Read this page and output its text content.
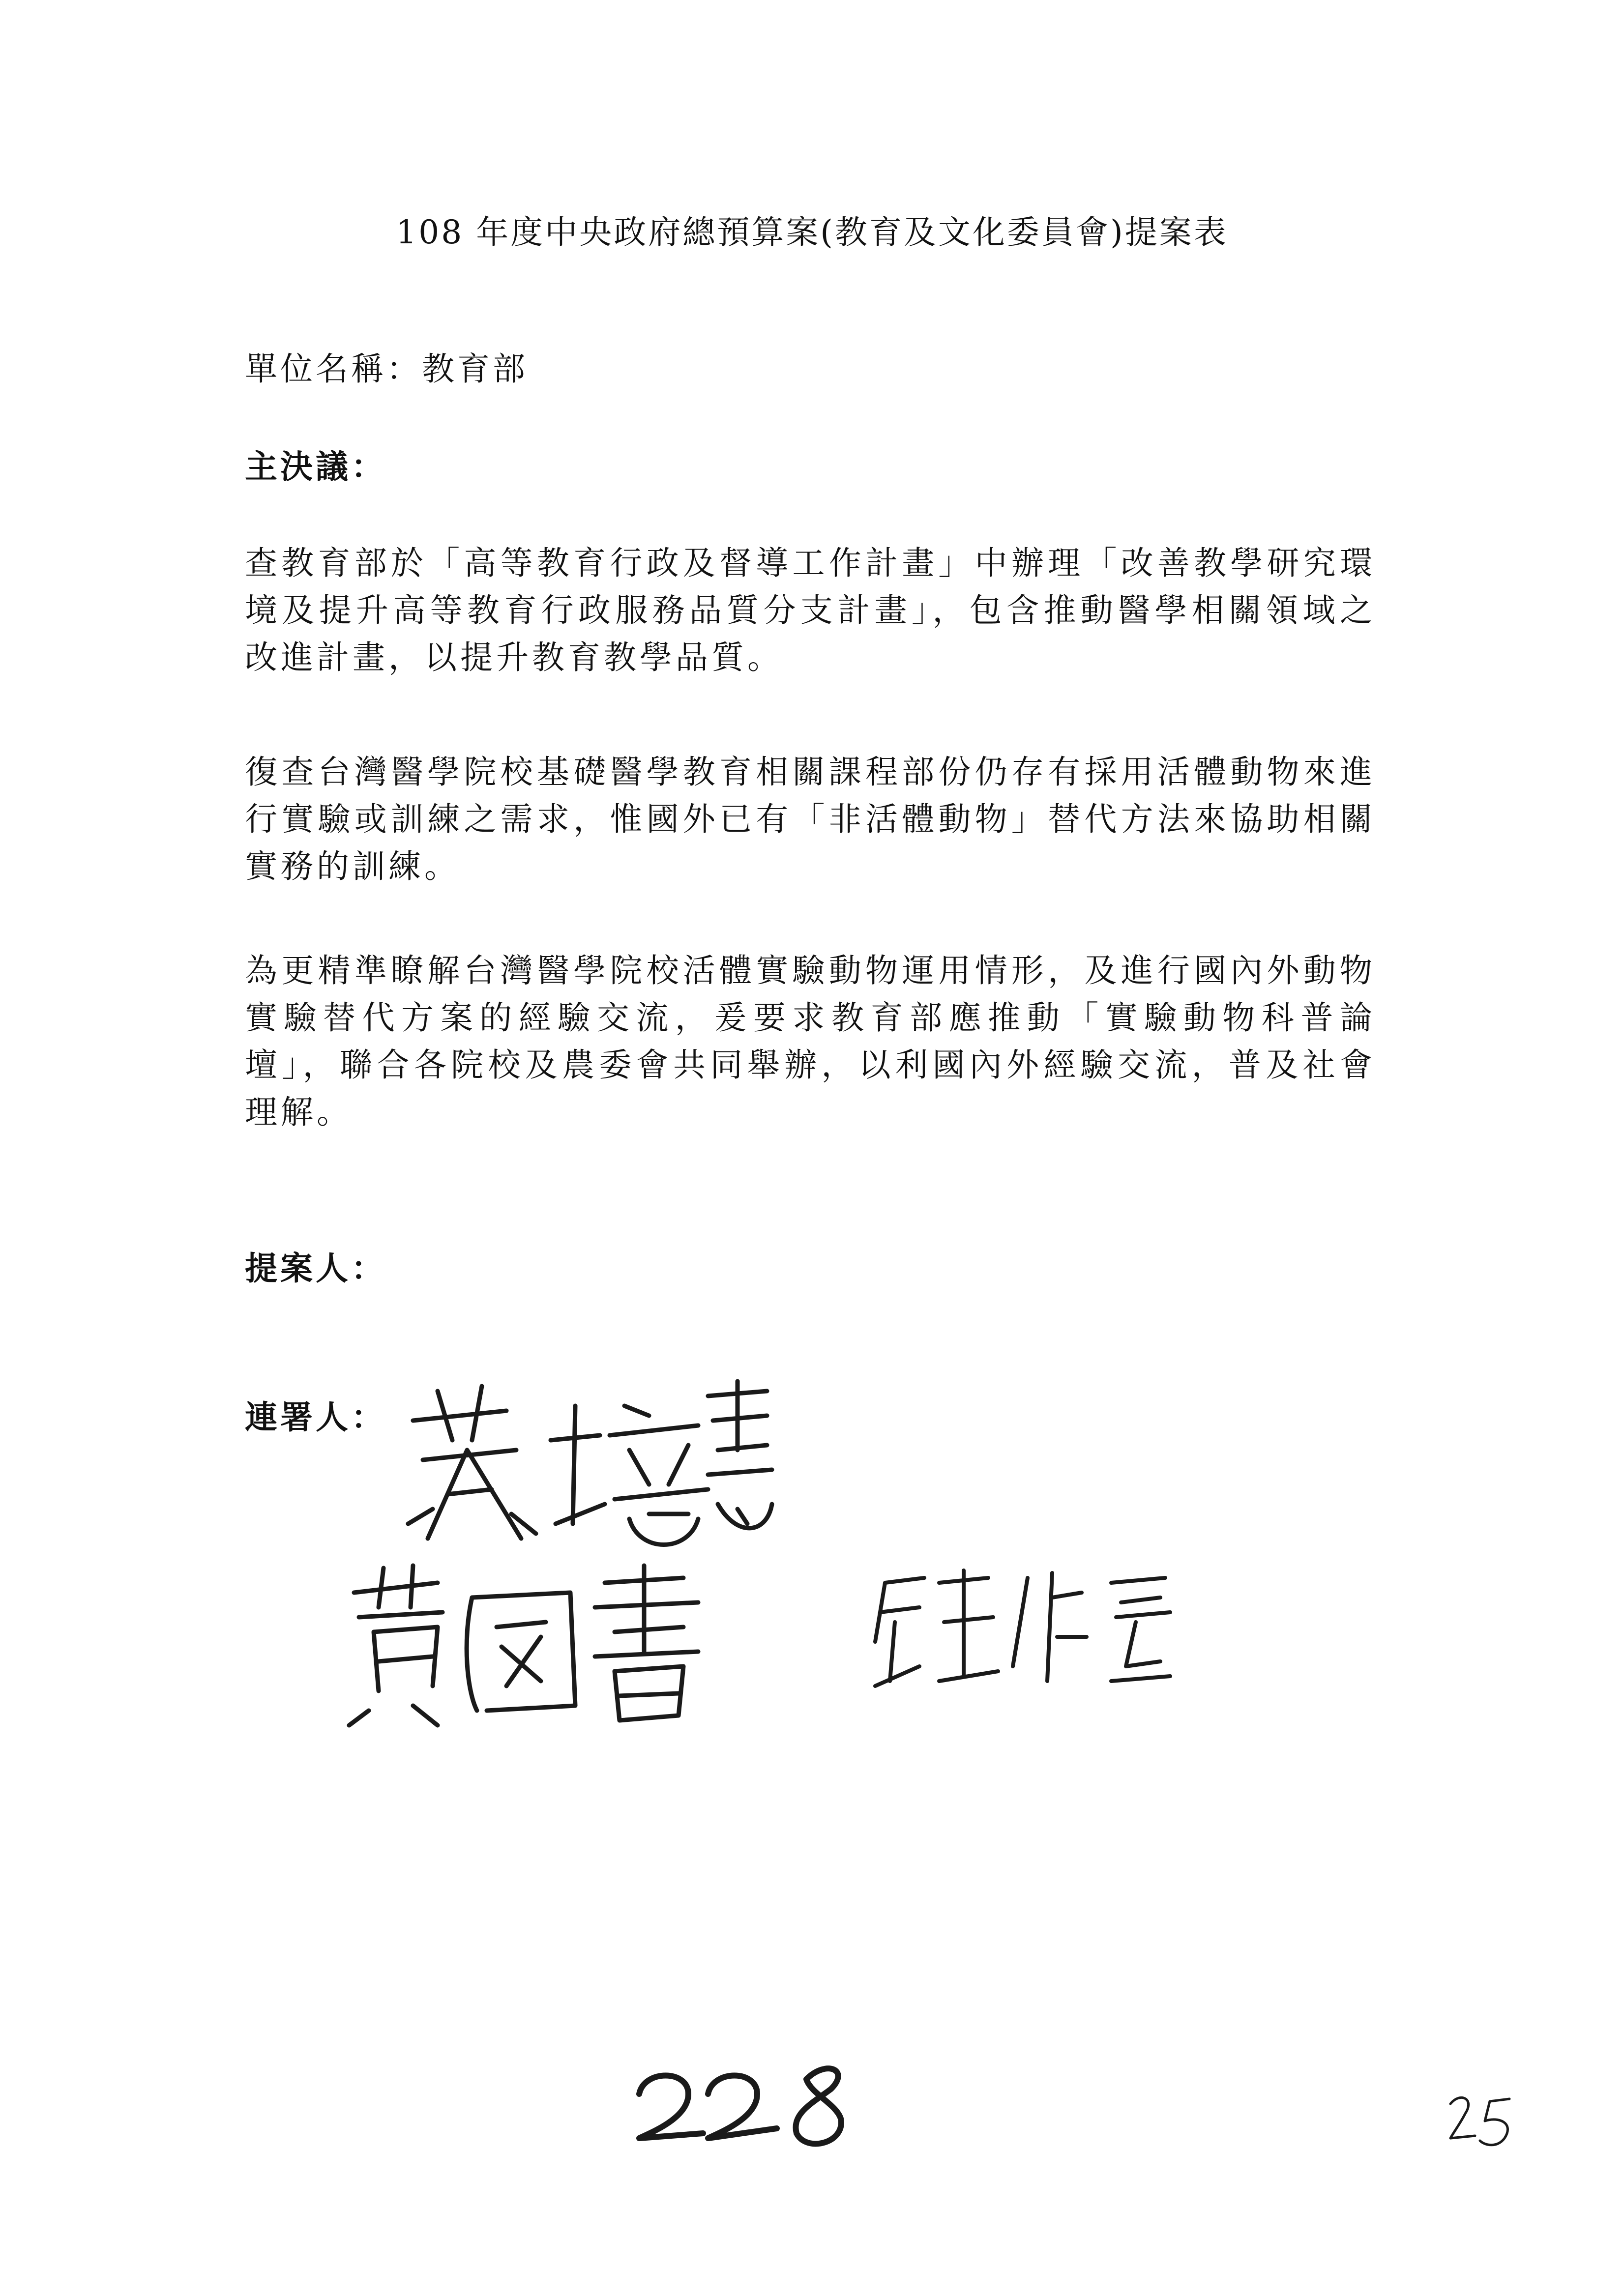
108 年度中央政府總預算案(教育及文化委員會)提案表
單位名稱：教育部
主決議：
查教育部於「高等教育行政及督導工作計畫」中辦理「改善教學研究環境及提升高等教育行政服務品質分支計畫」，包含推動醫學相關領域之改進計畫，以提升教育教學品質。
復查台灣醫學院校基礎醫學教育相關課程部份仍存有採用活體動物來進行實驗或訓練之需求，惟國外已有「非活體動物」替代方法來協助相關實務的訓練。
為更精準瞭解台灣醫學院校活體實驗動物運用情形，及進行國內外動物實驗替代方案的經驗交流，爰要求教育部應推動「實驗動物科普論壇」，聯合各院校及農委會共同舉辦，以利國內外經驗交流，普及社會理解。
提案人：
連署人：
